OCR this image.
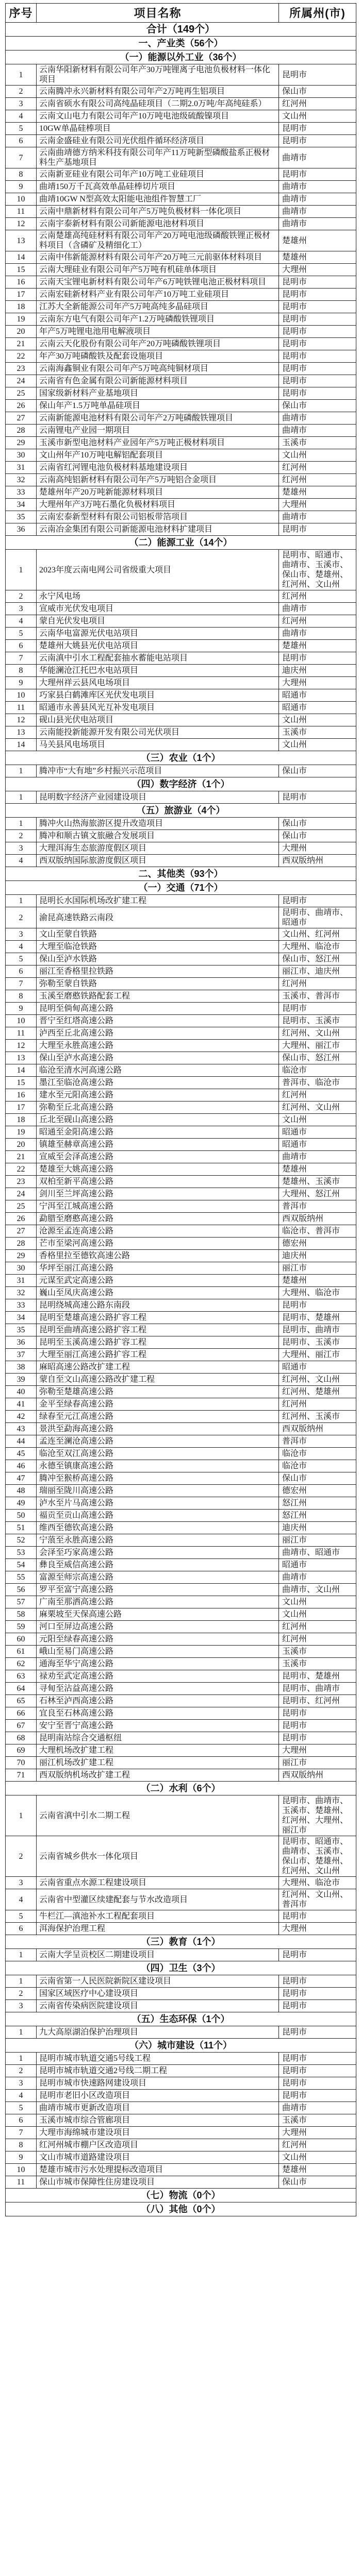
序号	项目名称	所属州(市)
合计（149个）		
一、产业类（56个）		
（一）能源以外工业（36个）		
1	云南华阳新材料有限公司年产30万吨锂离子电池负极材料一体化项目	昆明市
2	云南腾冲永兴新材料有限公司年产2万吨再生铝项目	保山市
3	云南省硕水有限公司高纯晶硅项目（二期2.0万吨/年高纯硅系）	红河州
4	云南文山电力有限公司年产10万吨电池级硫酸镍项目	文山州
5	10GW单晶硅棒项目	昆明市
6	云南金盛硅业有限公司光伏组件循环经济项目	昆明市
7	云南曲靖德方纳米科技有限公司年产11万吨新型磷酸盐系正极材料生产基地项目	曲靖市
8	云南新亚硅业有限公司年产10万吨工业硅项目	昆明市
9	曲靖150万千瓦高效单晶硅棒切片项目	曲靖市
10	曲靖10GW N型高效太阳能电池组件智慧工厂	曲靖市
11	云南中鼎新材料有限公司年产5万吨负极材料一体化项目	曲靖市
12	云南宇泰新材料有限公司新能源电池材料项目	曲靖市
13	云南楚雄高纯硅材料有限公司年产20万吨电池级磷酸铁锂正极材料项目（含磷矿及精细化工）	楚雄州
14	云南中伟新能源材料有限公司年产20万吨三元前驱体材料项目	楚雄州
15	云南大理硅业有限公司年产5万吨有机硅单体项目	大理州
16	云南天宝锂电新材料有限公司年产6万吨铁锂电池正极材料项目	昆明市
17	云南宏硅新材料产业有限公司年产10万吨工业硅项目	昆明市
18	江苏大全新能源公司年产5万吨高纯多晶硅项目	昆明市
19	云南东方电气有限公司年产1.2万吨磷酸铁锂项目	昆明市
20	年产5万吨锂电池用电解液项目	昆明市
21	云南云天化股份有限公司年产20万吨磷酸铁锂项目	昆明市
22	年产30万吨磷酸铁及配套设施项目	昆明市
23	云南海鑫铜业有限公司年产5万吨高纯铜材项目	昆明市
24	云南省有色金属有限公司新能源材料项目	昆明市
25	国家级新材料产业基地项目	昆明市
26	保山年产1.5万吨单晶硅项目	保山市
27	云南新能源电池材料有限公司年产2万吨磷酸铁锂项目	曲靖市
28	云南锂电产业园一期项目	曲靖市
29	玉溪市新型电池材料产业园年产5万吨正极材料项目	玉溪市
30	文山州年产10万吨电解铝配套项目	文山州
31	云南省红河锂电池负极材料基地建设项目	红河州
32	云南高纯铝新材料有限公司年产5万吨铝合金项目	红河州
33	楚雄州年产20万吨新能源材料项目	楚雄州
34	大理州年产3万吨石墨化负极材料项目	大理州
35	云南宏泰新型材料有限公司铝板带箔项目	曲靖市
36	云南冶金集团有限公司新能源电池材料扩建项目	昆明市
（二）能源工业（14个）		
1	2023年度云南电网公司省级重大项目	昆明市、昭通市、曲靖市、玉溪市、保山市、楚雄州、红河州、文山州
2	永宁风电场	红河州
3	宣威市光伏发电项目	曲靖市
4	蒙自光伏发电项目	红河州
5	云南华电富源光伏电站项目	曲靖市
6	楚雄州大姚县光伏电站项目	楚雄州
7	云南滇中引水工程配套抽水蓄能电站项目	昆明市
8	华能澜沧江托巴水电站项目	迪庆州
9	大理州祥云县风电场项目	大理州
10	巧家县白鹤滩库区光伏发电项目	昭通市
11	昭通市永善县风光互补发电项目	昭通市
12	砚山县光伏电站项目	文山州
13	云南能投新能源开发有限公司光伏项目	玉溪市
14	马关县风电场项目	文山州
（三）农业（1个）		
1	腾冲市“大有地”乡村振兴示范项目	保山市
（四）数字经济（1个）		
1	昆明数字经济产业园建设项目	昆明市
（五）旅游业（4个）		
1	腾冲火山热海旅游区提升改造项目	保山市
2	腾冲和顺古镇文旅融合发展项目	保山市
3	大理洱海生态旅游度假区项目	大理州
4	西双版纳国际旅游度假区项目	西双版纳州
二、其他类（93个）		
（一）交通（71个）		
1	昆明长水国际机场改扩建工程	昆明市
2	渝昆高速铁路云南段	昆明市、曲靖市、昭通市
3	文山至蒙自铁路	文山州、红河州
4	大理至临沧铁路	大理州、临沧市
5	保山至泸水铁路	保山市、怒江州
6	丽江至香格里拉铁路	丽江市、迪庆州
7	弥勒至蒙自铁路	红河州
8	玉溪至磨憨铁路配套工程	玉溪市、普洱市
9	昆明至倘甸高速公路	昆明市
10	晋宁至红塔高速公路	昆明市、玉溪市
11	泸西至丘北高速公路	红河州、文山州
12	大理至永胜高速公路	大理州、丽江市
13	保山至泸水高速公路	保山市、怒江州
14	临沧至清水河高速公路	临沧市
15	墨江至临沧高速公路	普洱市、临沧市
16	建水至元阳高速公路	红河州
17	弥勒至丘北高速公路	红河州、文山州
18	丘北至砚山高速公路	文山州
19	昭通至金阳高速公路	昭通市
20	镇雄至赫章高速公路	昭通市
21	宣威至会泽高速公路	曲靖市
22	楚雄至大姚高速公路	楚雄州
23	双柏至新平高速公路	楚雄州、玉溪市
24	剑川至兰坪高速公路	大理州、怒江州
25	宁洱至江城高速公路	普洱市
26	勐腊至磨憨高速公路	西双版纳州
27	沧源至孟连高速公路	临沧市、普洱市
28	芒市至梁河高速公路	德宏州
29	香格里拉至德钦高速公路	迪庆州
30	华坪至丽江高速公路	丽江市
31	元谋至武定高速公路	楚雄州
32	巍山至凤庆高速公路	大理州、临沧市
33	昆明绕城高速公路东南段	昆明市
34	昆明至楚雄高速公路扩容工程	昆明市、楚雄州
35	昆明至曲靖高速公路扩容工程	昆明市、曲靖市
36	昆明至玉溪高速公路扩容工程	昆明市、玉溪市
37	大理至丽江高速公路扩容工程	大理州、丽江市
38	麻昭高速公路改扩建工程	昭通市
39	蒙自至文山高速公路改扩建工程	红河州、文山州
40	弥勒至楚雄高速公路	红河州、楚雄州
41	金平至绿春高速公路	红河州
42	绿春至元江高速公路	红河州、玉溪市
43	景洪至勐海高速公路	西双版纳州
44	孟连至澜沧高速公路	普洱市
45	临沧至双江高速公路	临沧市
46	永德至镇康高速公路	临沧市
47	腾冲至猴桥高速公路	保山市
48	瑞丽至陇川高速公路	德宏州
49	泸水至片马高速公路	怒江州
50	福贡至贡山高速公路	怒江州
51	维西至德钦高速公路	迪庆州
52	宁蒗至永胜高速公路	丽江市
53	会泽至巧家高速公路	曲靖市、昭通市
54	彝良至威信高速公路	昭通市
55	富源至师宗高速公路	曲靖市
56	罗平至富宁高速公路	曲靖市、文山州
57	广南至那洒高速公路	文山州
58	麻栗坡至天保高速公路	文山州
59	河口至屏边高速公路	红河州
60	元阳至绿春高速公路	红河州
61	峨山至易门高速公路	玉溪市
62	通海至华宁高速公路	玉溪市
63	禄劝至武定高速公路	昆明市、楚雄州
64	寻甸至沾益高速公路	昆明市、曲靖市
65	石林至泸西高速公路	昆明市、红河州
66	宜良至石林高速公路	昆明市
67	安宁至晋宁高速公路	昆明市
68	昆明南站综合交通枢纽	昆明市
69	大理机场改扩建工程	大理州
70	丽江机场改扩建工程	丽江市
71	西双版纳机场改扩建工程	西双版纳州
（二）水利（6个）		
1	云南省滇中引水二期工程	昆明市、曲靖市、玉溪市、楚雄州、红河州、大理州、丽江市
2	云南省城乡供水一体化项目	昆明市、昭通市、曲靖市、玉溪市、保山市、楚雄州、红河州、文山州
3	云南省重点水源工程建设项目	大理州、临沧市
4	云南省中型灌区续建配套与节水改造项目	红河州、文山州、普洱市
5	牛栏江—滇池补水工程配套项目	昆明市
6	洱海保护治理工程	大理州
（三）教育（1个）		
1	云南大学呈贡校区二期建设项目	昆明市
（四）卫生（3个）		
1	云南省第一人民医院新院区建设项目	昆明市
2	国家区域医疗中心建设项目	昆明市
3	云南省传染病医院建设项目	昆明市
（五）生态环保（1个）		
1	九大高原湖泊保护治理项目	昆明市
（六）城市建设（11个）		
1	昆明市城市轨道交通5号线工程	昆明市
2	昆明市城市轨道交通2号线二期工程	昆明市
3	昆明市城市快速路网建设项目	昆明市
4	昆明市老旧小区改造项目	昆明市
5	曲靖市城市更新改造项目	曲靖市
6	玉溪市城市综合管廊项目	玉溪市
7	大理市海绵城市建设项目	大理州
8	红河州城市棚户区改造项目	红河州
9	文山市城市道路建设项目	文山州
10	楚雄市城市污水处理提标改造项目	楚雄州
11	保山市城市保障性住房建设项目	保山市
（七）物流（0个）		
（八）其他（0个）		
